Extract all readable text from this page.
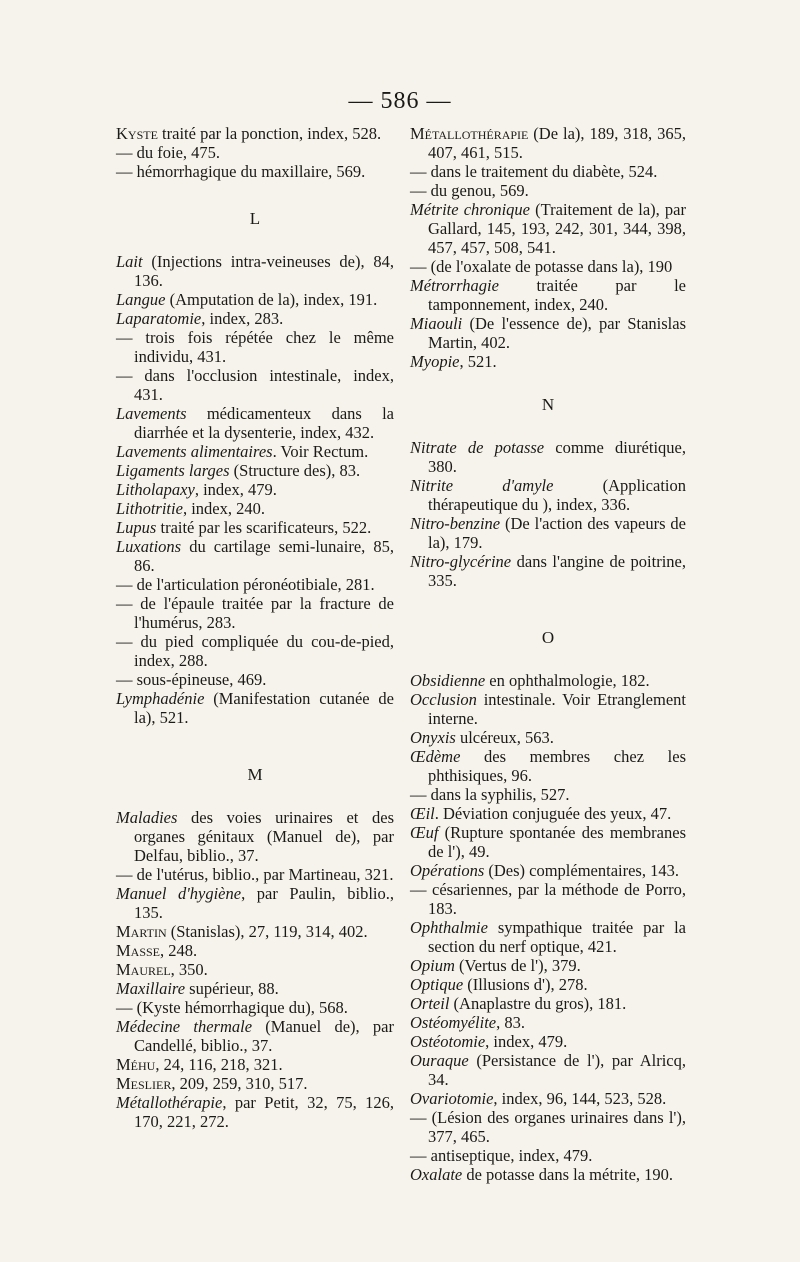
— 586 —

Kyste traité par la ponction, index, 528.

— du foie, 475.

— hémorrhagique du maxillaire, 569.

L

Lait (Injections intra-veineuses de), 84, 136.

Langue (Amputation de la), index, 191.

Laparatomie, index, 283.

— trois fois répétée chez le même individu, 431.

— dans l'occlusion intestinale, index, 431.

Lavements médicamenteux dans la diarrhée et la dysenterie, index, 432.

Lavements alimentaires. Voir Rectum.

Ligaments larges (Structure des), 83.

Litholapaxy, index, 479.

Lithotritie, index, 240.

Lupus traité par les scarificateurs, 522.

Luxations du cartilage semi-lunaire, 85, 86.

— de l'articulation péronéotibiale, 281.

— de l'épaule traitée par la fracture de l'humérus, 283.

— du pied compliquée du cou-de-pied, index, 288.

— sous-épineuse, 469.

Lymphadénie (Manifestation cutanée de la), 521.

M

Maladies des voies urinaires et des organes génitaux (Manuel de), par Delfau, biblio., 37.

— de l'utérus, biblio., par Martineau, 321.

Manuel d'hygiène, par Paulin, biblio., 135.

Martin (Stanislas), 27, 119, 314, 402.

Masse, 248.

Maurel, 350.

Maxillaire supérieur, 88.

— (Kyste hémorrhagique du), 568.

Médecine thermale (Manuel de), par Candellé, biblio., 37.

Méhu, 24, 116, 218, 321.

Meslier, 209, 259, 310, 517.

Métallothérapie, par Petit, 32, 75, 126, 170, 221, 272.

Métallothérapie (De la), 189, 318, 365, 407, 461, 515.

— dans le traitement du diabète, 524.

— du genou, 569.

Métrite chronique (Traitement de la), par Gallard, 145, 193, 242, 301, 344, 398, 457, 457, 508, 541.

— (de l'oxalate de potasse dans la), 190

Métrorrhagie traitée par le tamponnement, index, 240.

Miaouli (De l'essence de), par Stanislas Martin, 402.

Myopie, 521.

N

Nitrate de potasse comme diurétique, 380.

Nitrite d'amyle (Application thérapeutique du ), index, 336.

Nitro-benzine (De l'action des vapeurs de la), 179.

Nitro-glycérine dans l'angine de poitrine, 335.

O

Obsidienne en ophthalmologie, 182.

Occlusion intestinale. Voir Etranglement interne.

Onyxis ulcéreux, 563.

Œdème des membres chez les phthisiques, 96.

— dans la syphilis, 527.

Œil. Déviation conjuguée des yeux, 47.

Œuf (Rupture spontanée des membranes de l'), 49.

Opérations (Des) complémentaires, 143.

— césariennes, par la méthode de Porro, 183.

Ophthalmie sympathique traitée par la section du nerf optique, 421.

Opium (Vertus de l'), 379.

Optique (Illusions d'), 278.

Orteil (Anaplastre du gros), 181.

Ostéomyélite, 83.

Ostéotomie, index, 479.

Ouraque (Persistance de l'), par Alricq, 34.

Ovariotomie, index, 96, 144, 523, 528.

— (Lésion des organes urinaires dans l'), 377, 465.

— antiseptique, index, 479.

Oxalate de potasse dans la métrite, 190.
